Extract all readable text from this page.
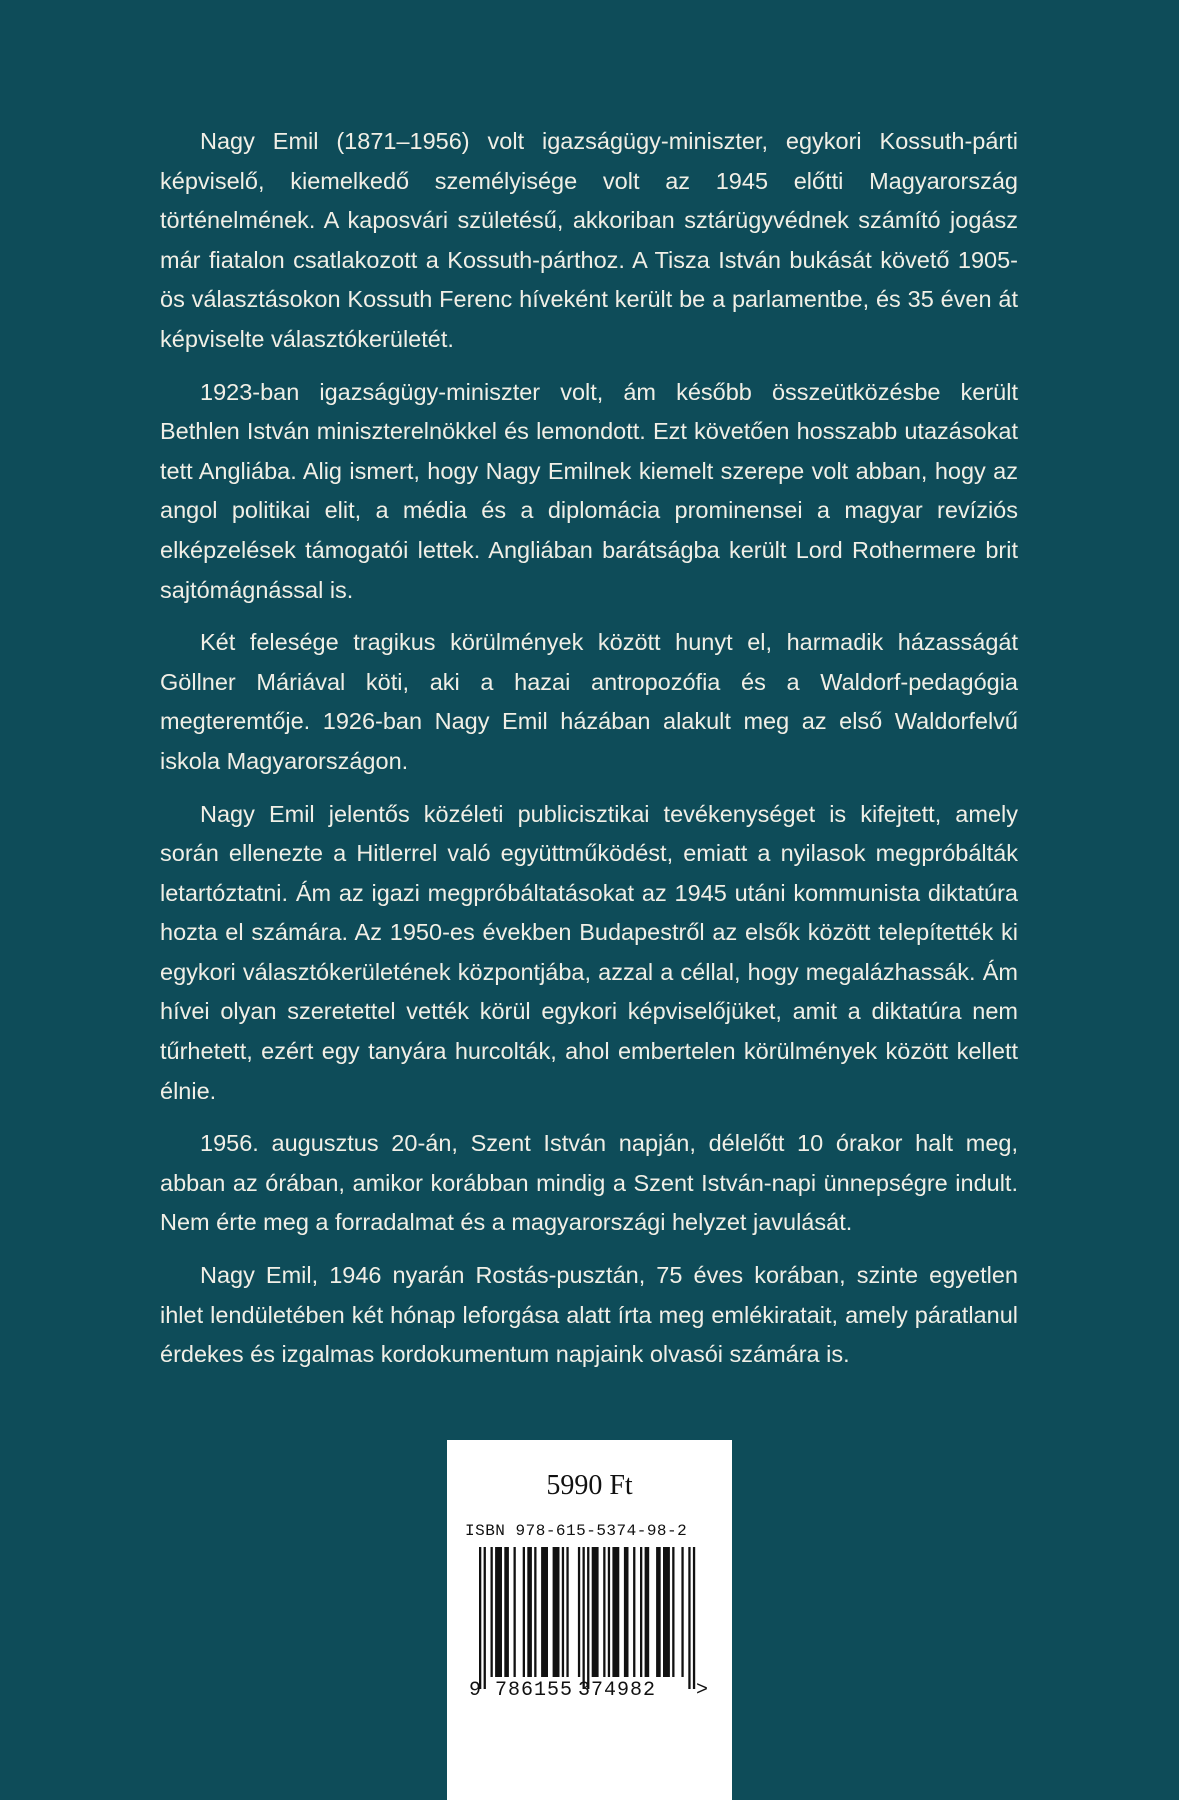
Nagy Emil (1871–1956) volt igazságügy-miniszter, egykori Kossuth-párti képviselő, kiemelkedő személyisége volt az 1945 előtti Magyarország történelmének. A kaposvári születésű, akkoriban sztárügyvédnek számító jogász már fiatalon csatlakozott a Kossuth-párthoz. A Tisza István bukását követő 1905-ös választásokon Kossuth Ferenc híveként került be a parlamentbe, és 35 éven át képviselte választókerületét.

1923-ban igazságügy-miniszter volt, ám később összeütközésbe került Bethlen István miniszterelnökkel és lemondott. Ezt követően hosszabb utazásokat tett Angliába. Alig ismert, hogy Nagy Emilnek kiemelt szerepe volt abban, hogy az angol politikai elit, a média és a diplomácia prominensei a magyar revíziós elképzelések támogatói lettek. Angliában barátságba került Lord Rothermere brit sajtómágnással is.

Két felesége tragikus körülmények között hunyt el, harmadik házasságát Göllner Máriával köti, aki a hazai antropozófia és a Waldorf-pedagógia megteremtője. 1926-ban Nagy Emil házában alakult meg az első Waldorfelvű iskola Magyarországon.

Nagy Emil jelentős közéleti publicisztikai tevékenységet is kifejtett, amely során ellenezte a Hitlerrel való együttműködést, emiatt a nyilasok megpróbálták letartóztatni. Ám az igazi megpróbáltatásokat az 1945 utáni kommunista diktatúra hozta el számára. Az 1950-es években Budapestről az elsők között telepítették ki egykori választókerületének központjába, azzal a céllal, hogy megalázhassák. Ám hívei olyan szeretettel vették körül egykori képviselőjüket, amit a diktatúra nem tűrhetett, ezért egy tanyára hurcolták, ahol embertelen körülmények között kellett élnie.

1956. augusztus 20-án, Szent István napján, délelőtt 10 órakor halt meg, abban az órában, amikor korábban mindig a Szent István-napi ünnepségre indult. Nem érte meg a forradalmat és a magyarországi helyzet javulását.

Nagy Emil, 1946 nyarán Rostás-pusztán, 75 éves korában, szinte egyetlen ihlet lendületében két hónap leforgása alatt írta meg emlékiratait, amely páratlanul érdekes és izgalmas kordokumentum napjaink olvasói számára is.

5990 Ft
ISBN 978-615-5374-98-2
9 786155 374982 >
